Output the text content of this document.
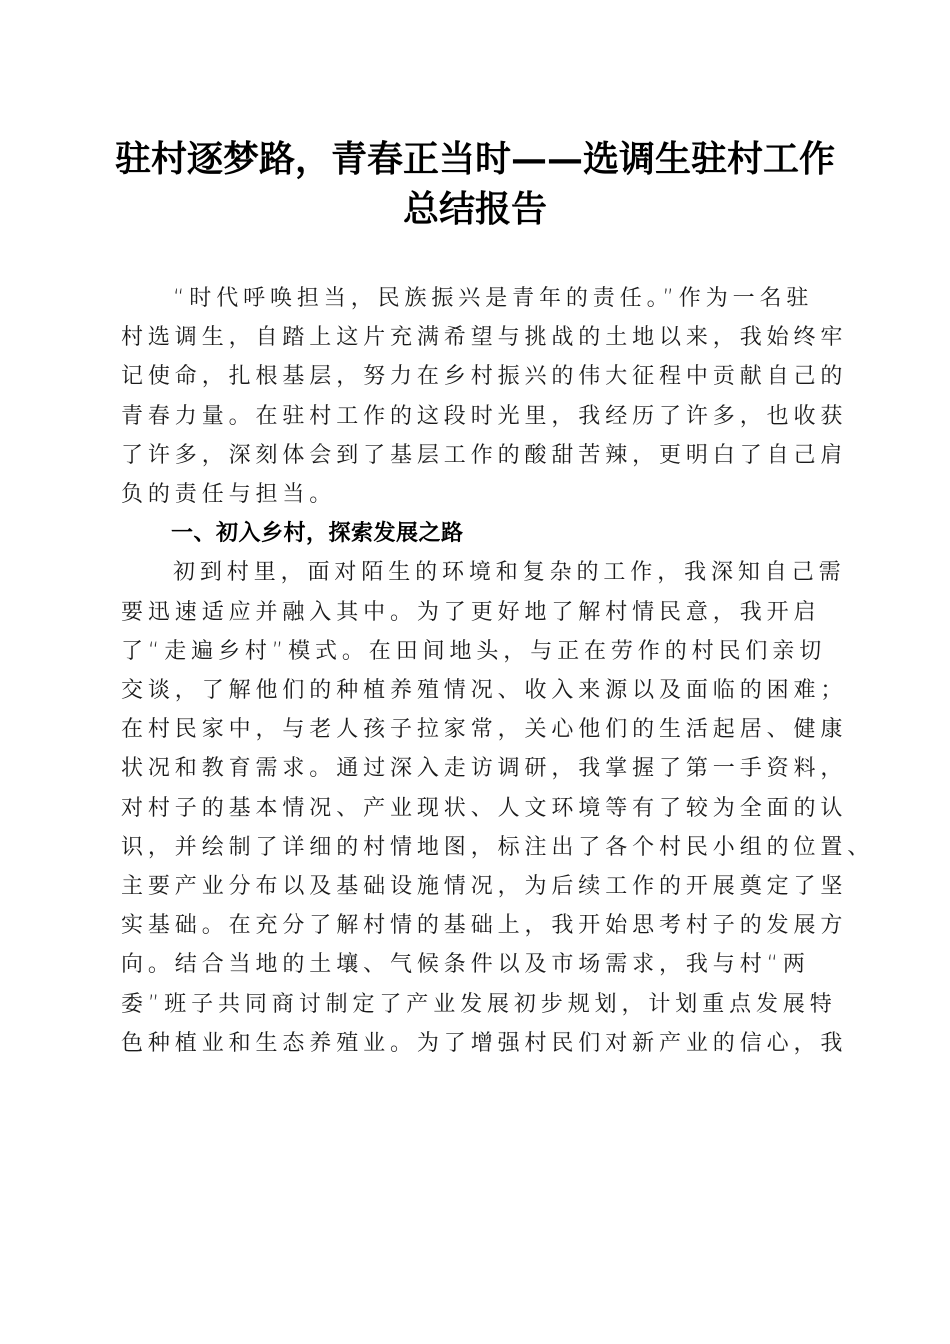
驻村逐梦路，青春正当时——选调生驻村工作
总结报告
“时代呼唤担当，民族振兴是青年的责任。”作为一名驻
村选调生，自踏上这片充满希望与挑战的土地以来，我始终牢
记使命，扎根基层，努力在乡村振兴的伟大征程中贡献自己的
青春力量。在驻村工作的这段时光里，我经历了许多，也收获
了许多，深刻体会到了基层工作的酸甜苦辣，更明白了自己肩
负的责任与担当。
一、初入乡村，探索发展之路
初到村里，面对陌生的环境和复杂的工作，我深知自己需
要迅速适应并融入其中。为了更好地了解村情民意，我开启
了“走遍乡村”模式。在田间地头，与正在劳作的村民们亲切
交谈，了解他们的种植养殖情况、收入来源以及面临的困难；
在村民家中，与老人孩子拉家常，关心他们的生活起居、健康
状况和教育需求。通过深入走访调研，我掌握了第一手资料，
对村子的基本情况、产业现状、人文环境等有了较为全面的认
识，并绘制了详细的村情地图，标注出了各个村民小组的位置、
主要产业分布以及基础设施情况，为后续工作的开展奠定了坚
实基础。在充分了解村情的基础上，我开始思考村子的发展方
向。结合当地的土壤、气候条件以及市场需求，我与村“两
委”班子共同商讨制定了产业发展初步规划，计划重点发展特
色种植业和生态养殖业。为了增强村民们对新产业的信心，我
